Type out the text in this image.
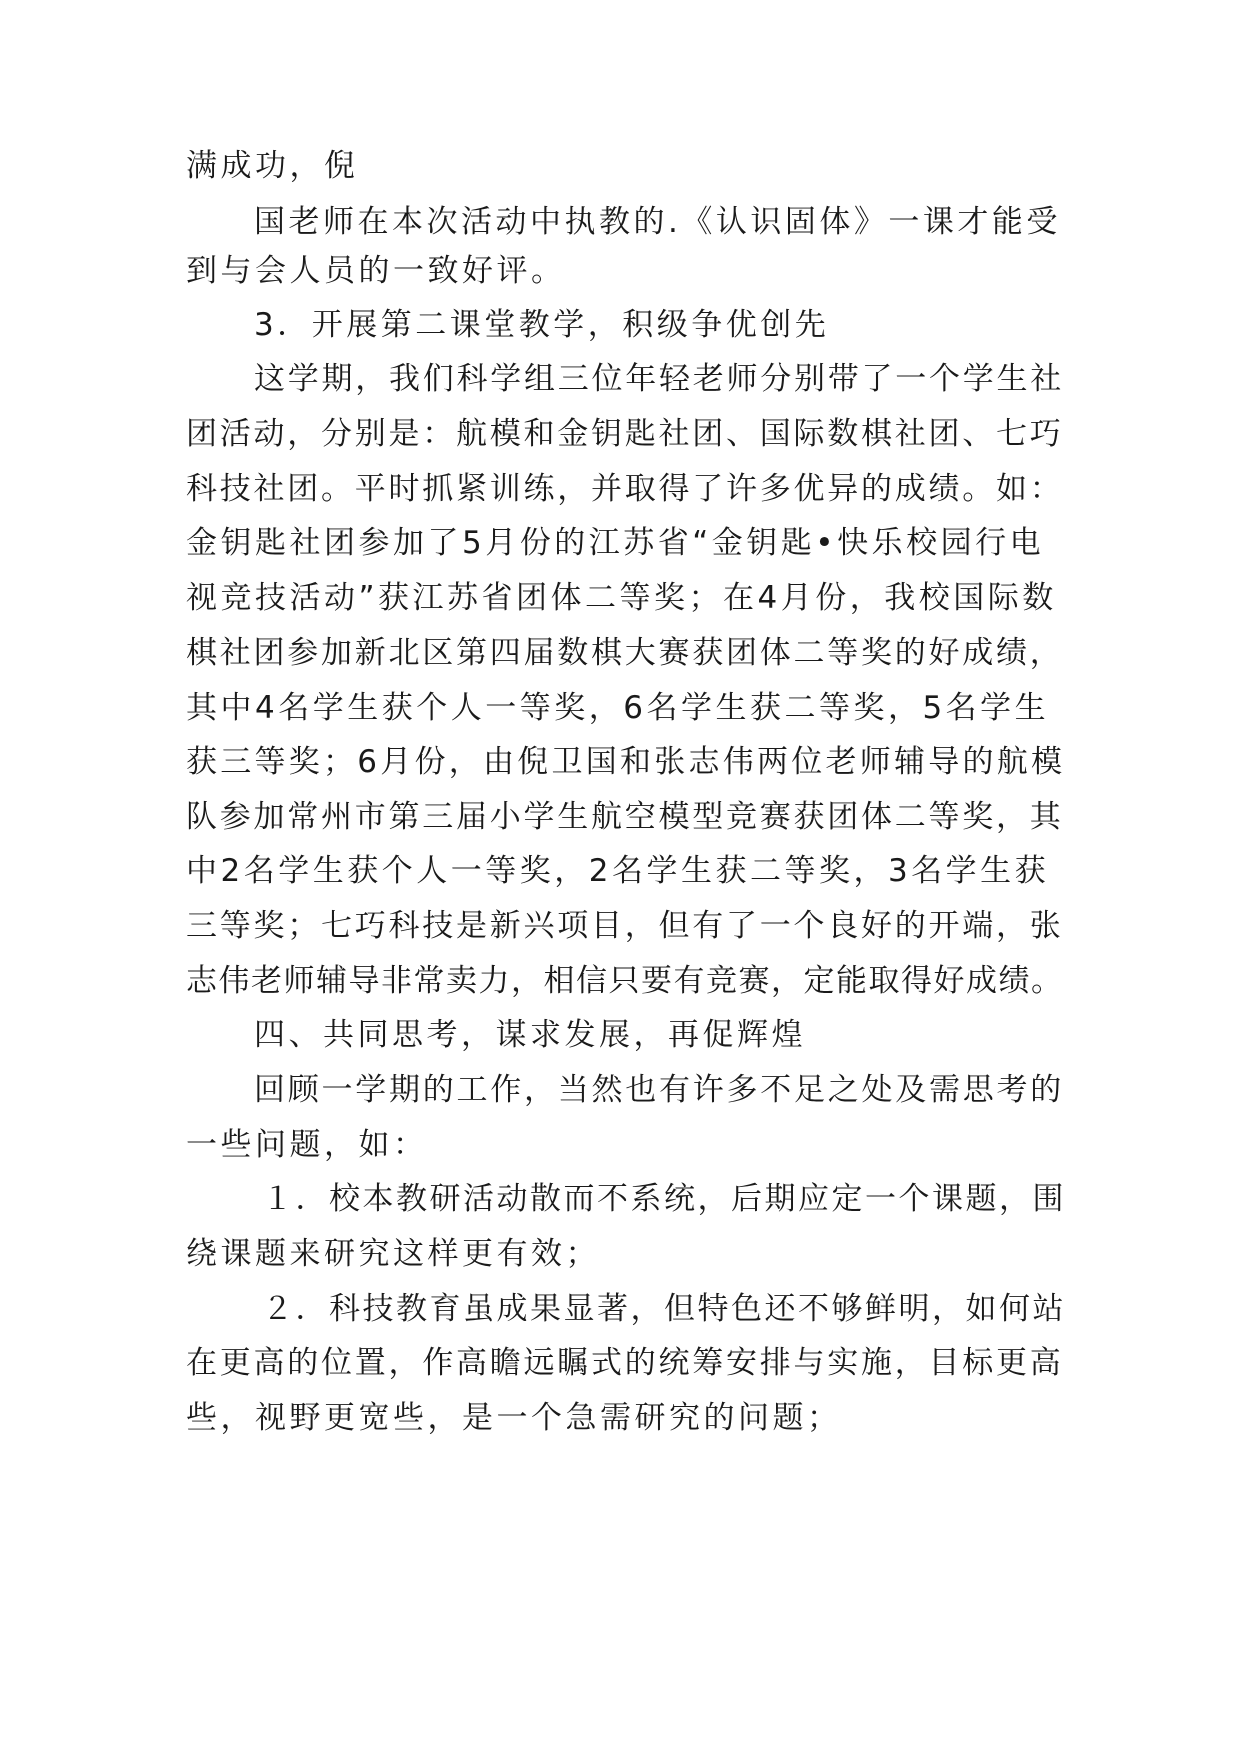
满成功，倪
国老师在本次活动中执教的.《认识固体》一课才能受
到与会人员的一致好评。
3．开展第二课堂教学，积级争优创先
这学期，我们科学组三位年轻老师分别带了一个学生社
团活动，分别是：航模和金钥匙社团、国际数棋社团、七巧
科技社团。平时抓紧训练，并取得了许多优异的成绩。如：
金钥匙社团参加了5月份的江苏省“金钥匙•快乐校园行电
视竞技活动”获江苏省团体二等奖；在4月份，我校国际数
棋社团参加新北区第四届数棋大赛获团体二等奖的好成绩，
其中4名学生获个人一等奖，6名学生获二等奖，5名学生
获三等奖；6月份，由倪卫国和张志伟两位老师辅导的航模
队参加常州市第三届小学生航空模型竞赛获团体二等奖，其
中2名学生获个人一等奖，2名学生获二等奖，3名学生获
三等奖；七巧科技是新兴项目，但有了一个良好的开端，张
志伟老师辅导非常卖力，相信只要有竞赛，定能取得好成绩。
四、共同思考，谋求发展，再促辉煌
回顾一学期的工作，当然也有许多不足之处及需思考的
一些问题，如：
１．校本教研活动散而不系统，后期应定一个课题，围
绕课题来研究这样更有效；
２．科技教育虽成果显著，但特色还不够鲜明，如何站
在更高的位置，作高瞻远瞩式的统筹安排与实施，目标更高
些，视野更宽些，是一个急需研究的问题；
